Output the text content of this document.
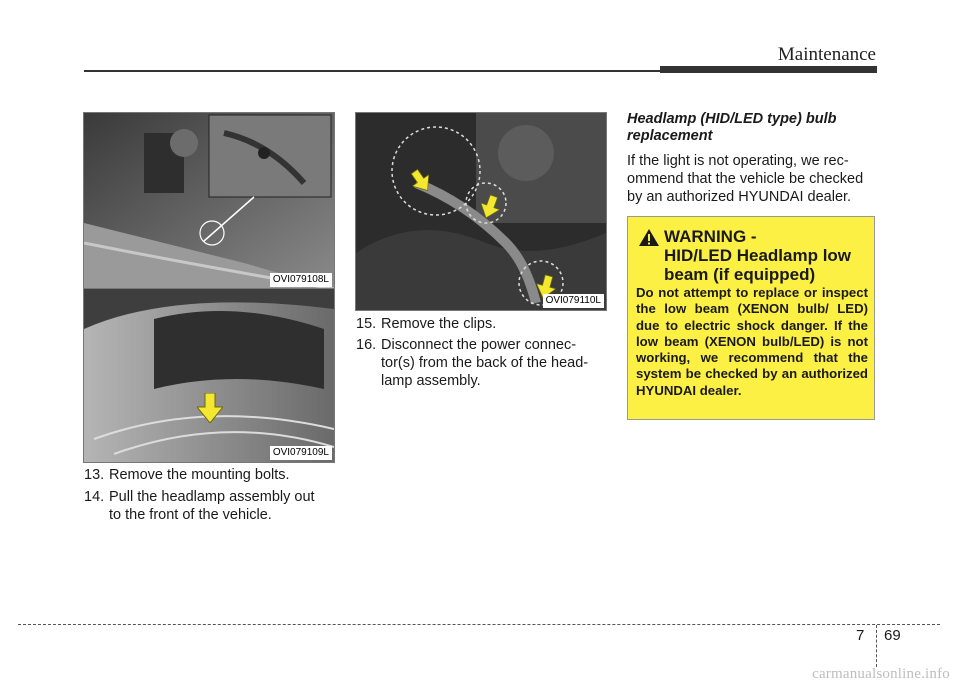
Maintenance
OVI079108L
OVI079109L
OVI079110L
13. Remove the mounting bolts.
14. Pull the headlamp assembly out
to the front of the vehicle.
15. Remove the clips.
16. Disconnect the power connec-
tor(s) from the back of the head-
lamp assembly.
Headlamp (HID/LED type) bulb
replacement
If the light is not operating, we rec-
ommend that the vehicle be checked
by an authorized HYUNDAI dealer.
WARNING -
HID/LED Headlamp low
beam (if equipped)
Do not attempt to replace or inspect the low beam (XENON bulb/ LED) due to electric shock danger. If the low beam (XENON bulb/LED) is not working, we recommend that the system be checked by an authorized HYUNDAI dealer.
7 69
carmanualsonline.info
